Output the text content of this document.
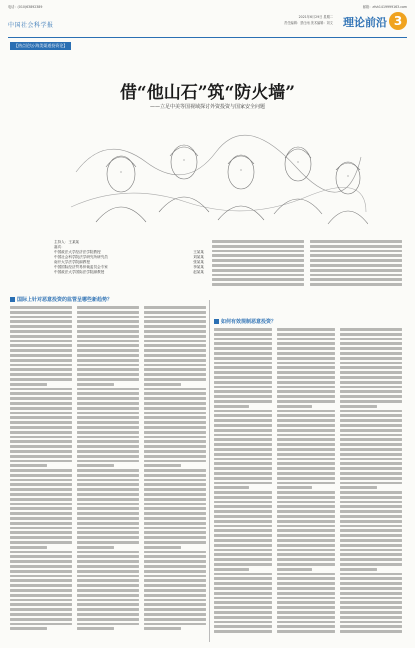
电话：(010)63892389	邮箱：zfsh1419999163.com
中国社会科学报
2021年6月29日 星期二
责任编辑：蔡仕雨 美术编辑：刘文 理论前沿 3
【热点论坛·海美渠道投资论】
借“他山石”筑“防火墙”
——立足中美等国视域探讨外资投资与国家安全问题
主持人：王某某
嘉宾：
中国政法大学经济法学院教授	王某某
中国社会科学院法学研究所研究员	刘某某
南开大学法学院副教授	张某某
中国国际经济贸易仲裁委员会专家	李某某
中国政法大学国际法学院副教授	赵某某
国际上针对恶意投资的监管呈哪些新趋势？
如何有效规制恶意投资？
